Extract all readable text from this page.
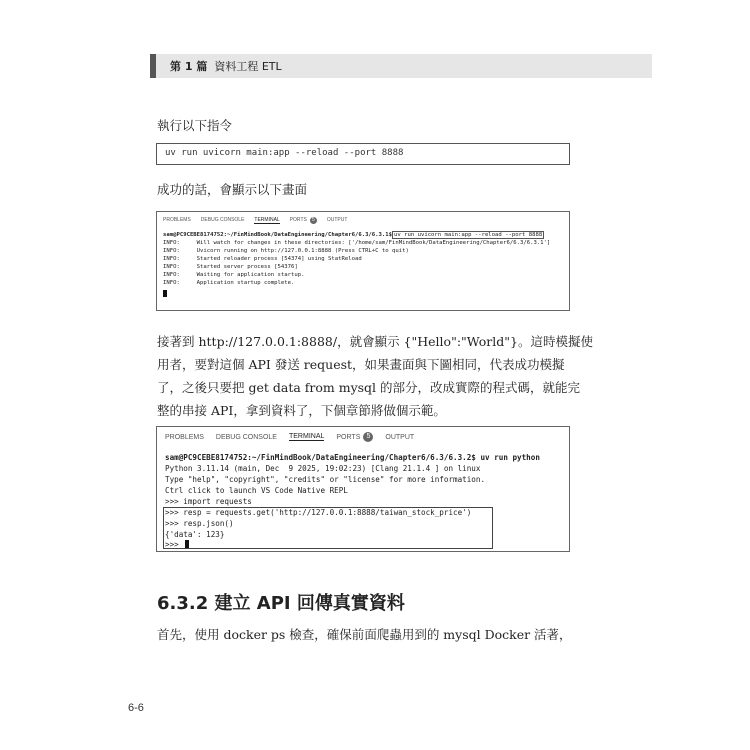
第 1 篇 資料工程 ETL
執行以下指令
uv run uvicorn main:app --reload --port 8888
成功的話，會顯示以下畫面
PROBLEMS DEBUG CONSOLE TERMINAL PORTS	5	OUTPUT
sam@PC9CEBE8174752:~/FinMindBook/DataEngineering/Chapter6/6.3/6.3.1$ uv run uvicorn main:app --reload --port 8888
INFO:     Will watch for changes in these directories: ['/home/sam/FinMindBook/DataEngineering/Chapter6/6.3/6.3.1']
INFO:     Uvicorn running on http://127.0.0.1:8888 (Press CTRL+C to quit)
INFO:     Started reloader process [54374] using StatReload
INFO:     Started server process [54376]
INFO:     Waiting for application startup.
INFO:     Application startup complete.
接著到 http://127.0.0.1:8888/，就會顯示 {"Hello":"World"}。這時模擬使
用者，要對這個 API 發送 request，如果畫面與下圖相同，代表成功模擬
了，之後只要把 get data from mysql 的部分，改成實際的程式碼，就能完
整的串接 API，拿到資料了，下個章節將做個示範。
PROBLEMS DEBUG CONSOLE TERMINAL PORTS 5	OUTPUT
sam@PC9CEBE8174752:~/FinMindBook/DataEngineering/Chapter6/6.3/6.3.2$ uv run python
Python 3.11.14 (main, Dec  9 2025, 19:02:23) [Clang 21.1.4 ] on linux
Type "help", "copyright", "credits" or "license" for more information.
Ctrl click to launch VS Code Native REPL
>>> import requests
>>> resp = requests.get('http://127.0.0.1:8888/taiwan_stock_price')
>>> resp.json()
{'data': 123}
>>>
6.3.2 建立 API 回傳真實資料
首先，使用 docker ps 檢查，確保前面爬蟲用到的 mysql Docker 活著，
6-6
